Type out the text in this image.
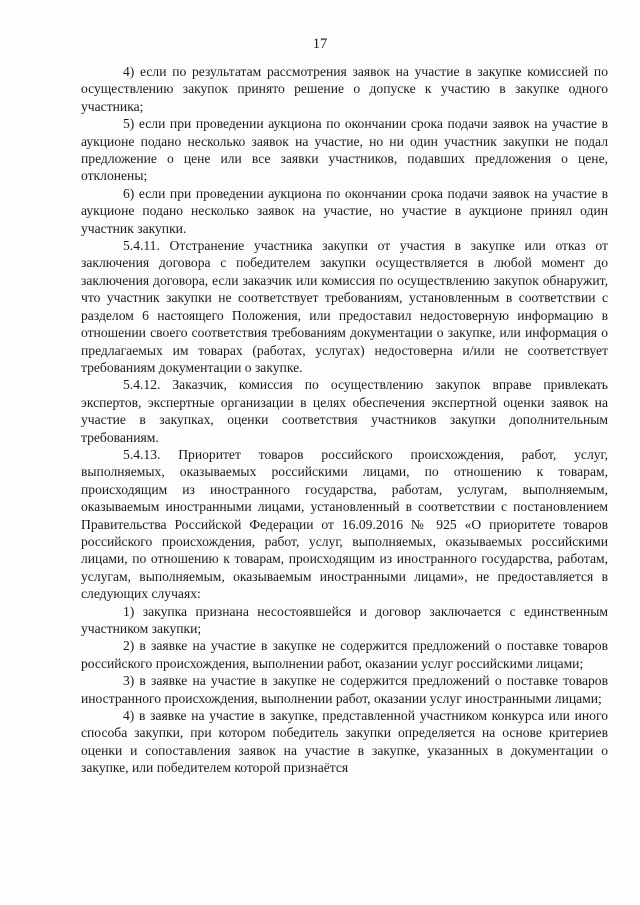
17

4) если по результатам рассмотрения заявок на участие в закупке комиссией по осуществлению закупок принято решение о допуске к участию в закупке одного участника;

5) если при проведении аукциона по окончании срока подачи заявок на участие в аукционе подано несколько заявок на участие, но ни один участник закупки не подал предложение о цене или все заявки участников, подавших предложения о цене, отклонены;

6) если при проведении аукциона по окончании срока подачи заявок на участие в аукционе подано несколько заявок на участие, но участие в аукционе принял один участник закупки.

5.4.11. Отстранение участника закупки от участия в закупке или отказ от заключения договора с победителем закупки осуществляется в любой момент до заключения договора, если заказчик или комиссия по осуществлению закупок обнаружит, что участник закупки не соответствует требованиям, установленным в соответствии с разделом 6 настоящего Положения, или предоставил недостоверную информацию в отношении своего соответствия требованиям документации о закупке, или информация о предлагаемых им товарах (работах, услугах) недостоверна и/или не соответствует требованиям документации о закупке.

5.4.12. Заказчик, комиссия по осуществлению закупок вправе привлекать экспертов, экспертные организации в целях обеспечения экспертной оценки заявок на участие в закупках, оценки соответствия участников закупки дополнительным требованиям.

5.4.13. Приоритет товаров российского происхождения, работ, услуг, выполняемых, оказываемых российскими лицами, по отношению к товарам, происходящим из иностранного государства, работам, услугам, выполняемым, оказываемым иностранными лицами, установленный в соответствии с постановлением Правительства Российской Федерации от 16.09.2016 № 925 «О приоритете товаров российского происхождения, работ, услуг, выполняемых, оказываемых российскими лицами, по отношению к товарам, происходящим из иностранного государства, работам, услугам, выполняемым, оказываемым иностранными лицами», не предоставляется в следующих случаях:

1) закупка признана несостоявшейся и договор заключается с единственным участником закупки;

2) в заявке на участие в закупке не содержится предложений о поставке товаров российского происхождения, выполнении работ, оказании услуг российскими лицами;

3) в заявке на участие в закупке не содержится предложений о поставке товаров иностранного происхождения, выполнении работ, оказании услуг иностранными лицами;

4) в заявке на участие в закупке, представленной участником конкурса или иного способа закупки, при котором победитель закупки определяется на основе критериев оценки и сопоставления заявок на участие в закупке, указанных в документации о закупке, или победителем которой признаётся
